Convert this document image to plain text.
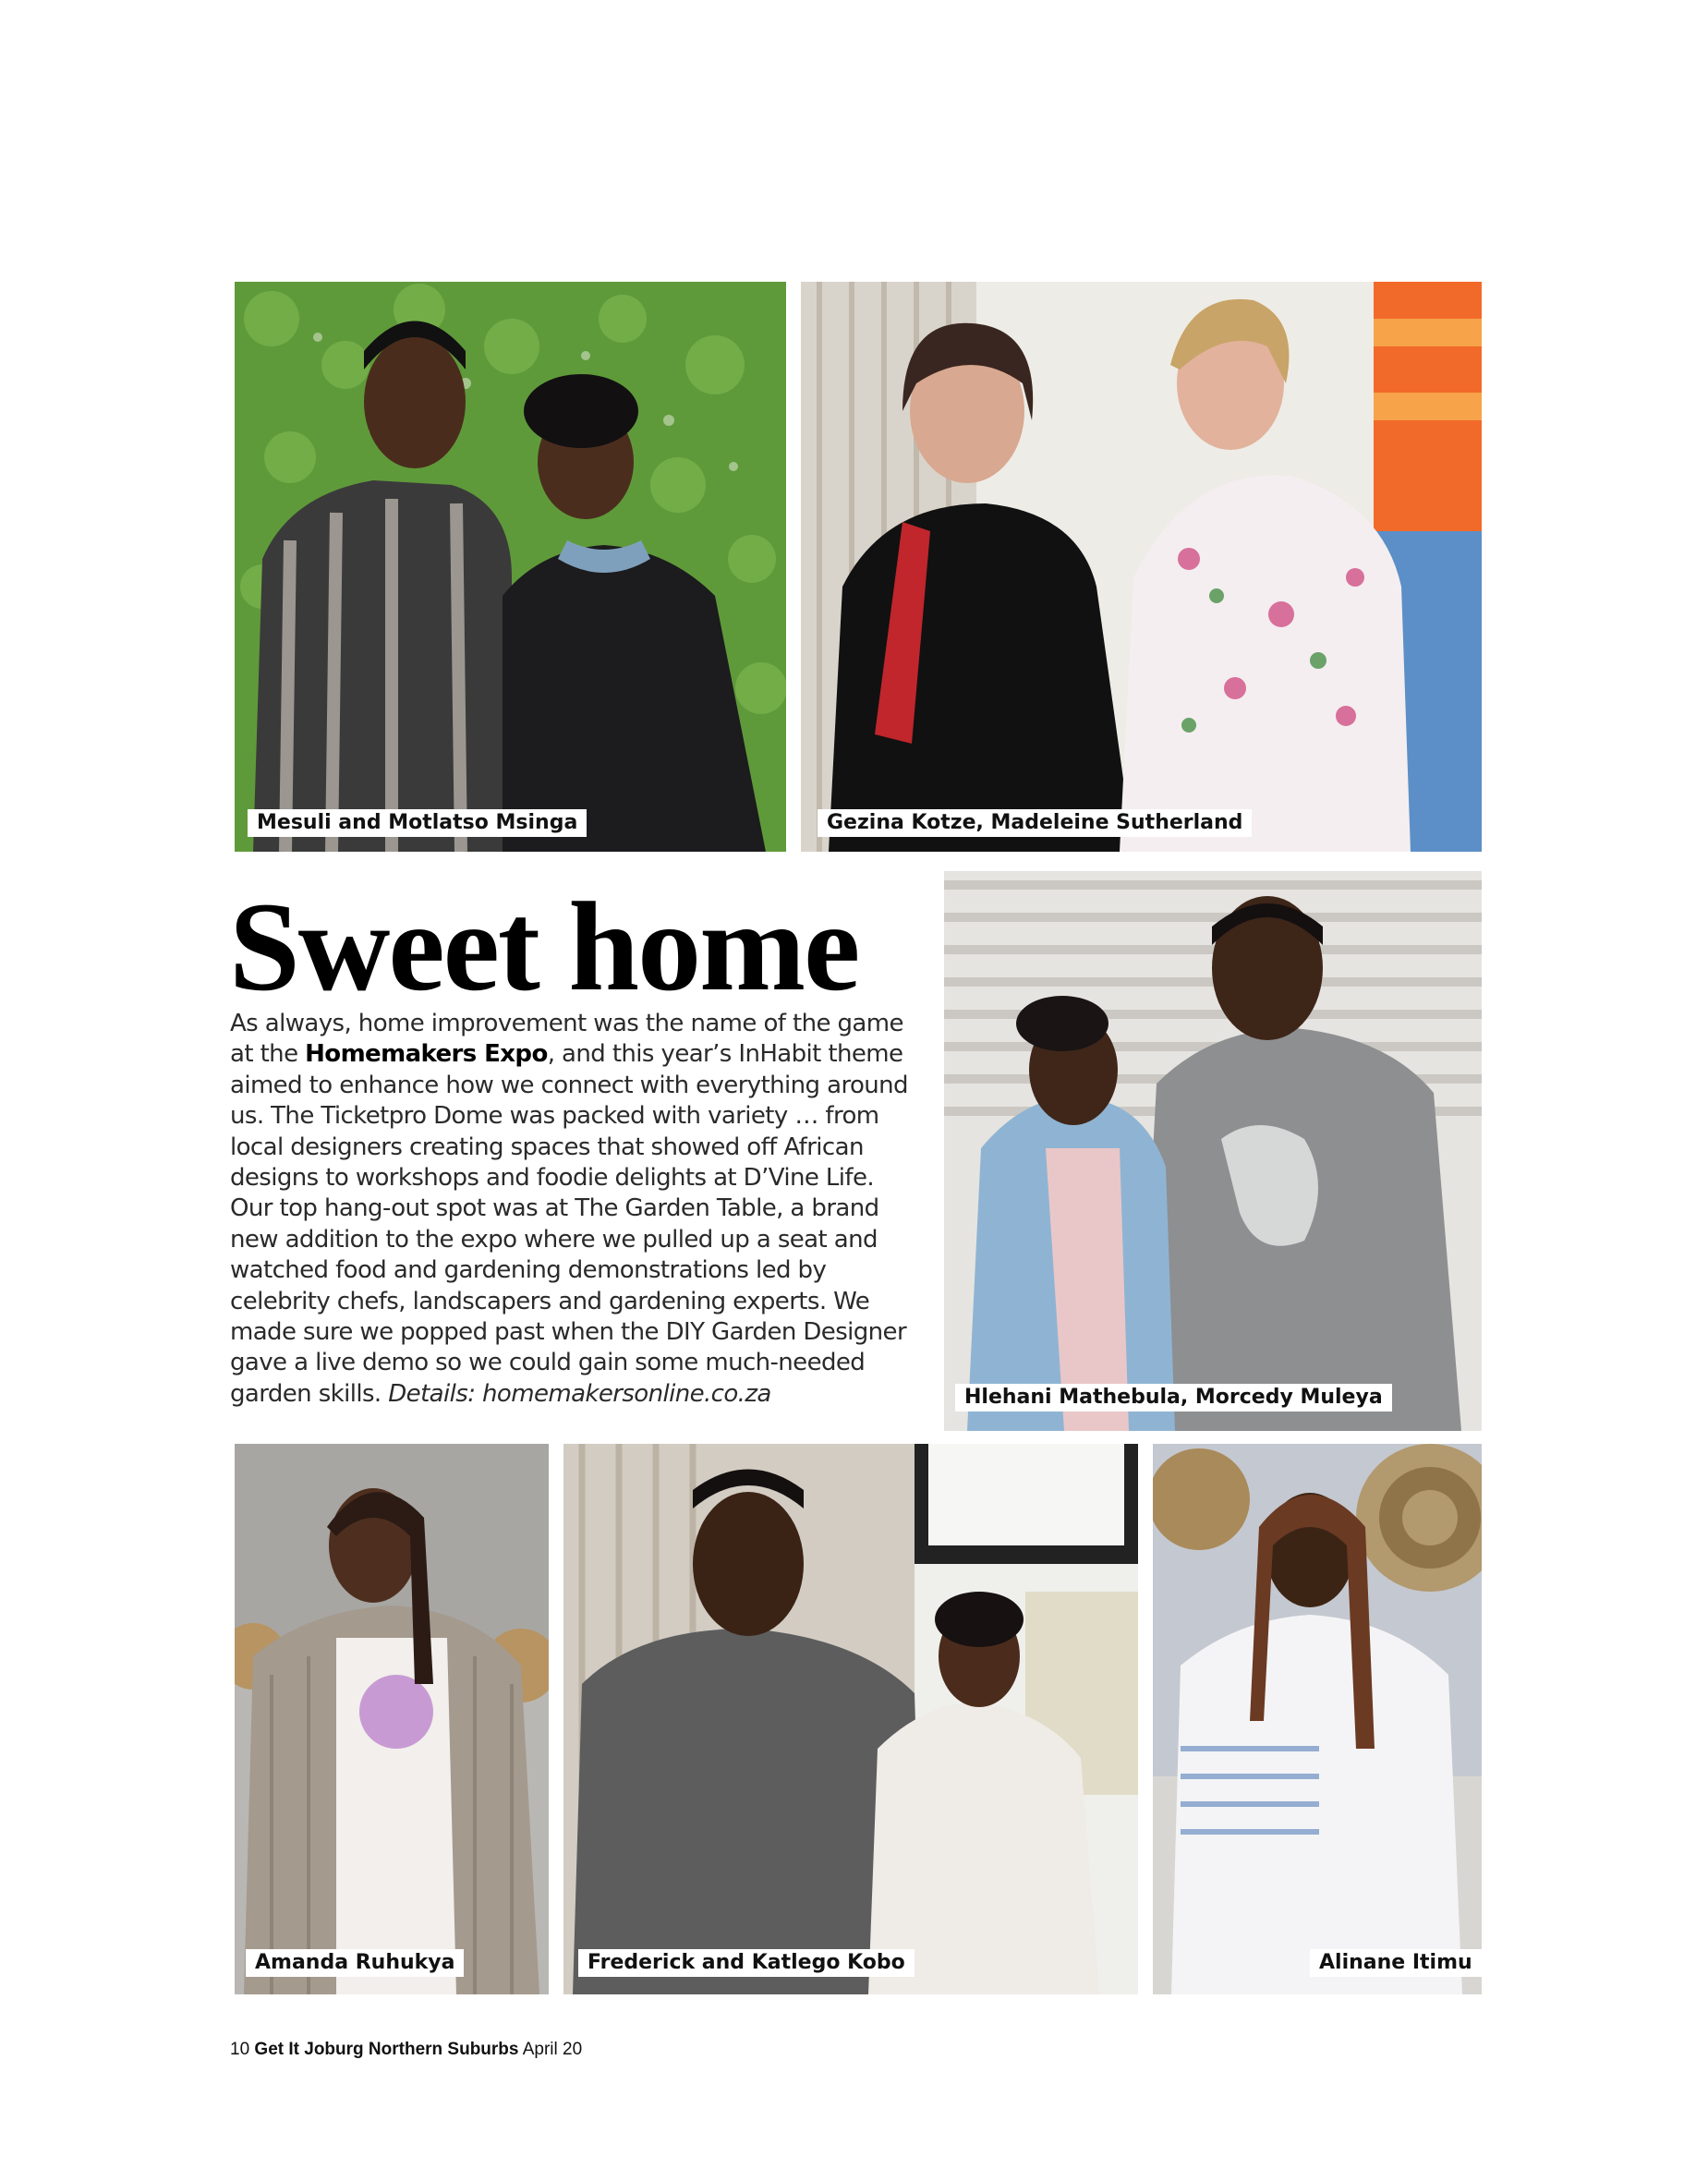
Mesuli and Motlatso Msinga	Gezina Kotze, Madeleine Sutherland
Sweet home
As always, home improvement was the name of the game at the Homemakers Expo, and this year’s InHabit theme aimed to enhance how we connect with everything around us. The Ticketpro Dome was packed with variety … from local designers creating spaces that showed off African designs to workshops and foodie delights at D’Vine Life. Our top hang-out spot was at The Garden Table, a brand new addition to the expo where we pulled up a seat and watched food and gardening demonstrations led by celebrity chefs, landscapers and gardening experts. We made sure we popped past when the DIY Garden Designer gave a live demo so we could gain some much-needed garden skills. Details: homemakersonline.co.za	Hlehani Mathebula, Morcedy Muleya
Amanda Ruhukya	Frederick and Katlego Kobo	Alinane Itimu
10 Get It Joburg Northern Suburbs April 20
